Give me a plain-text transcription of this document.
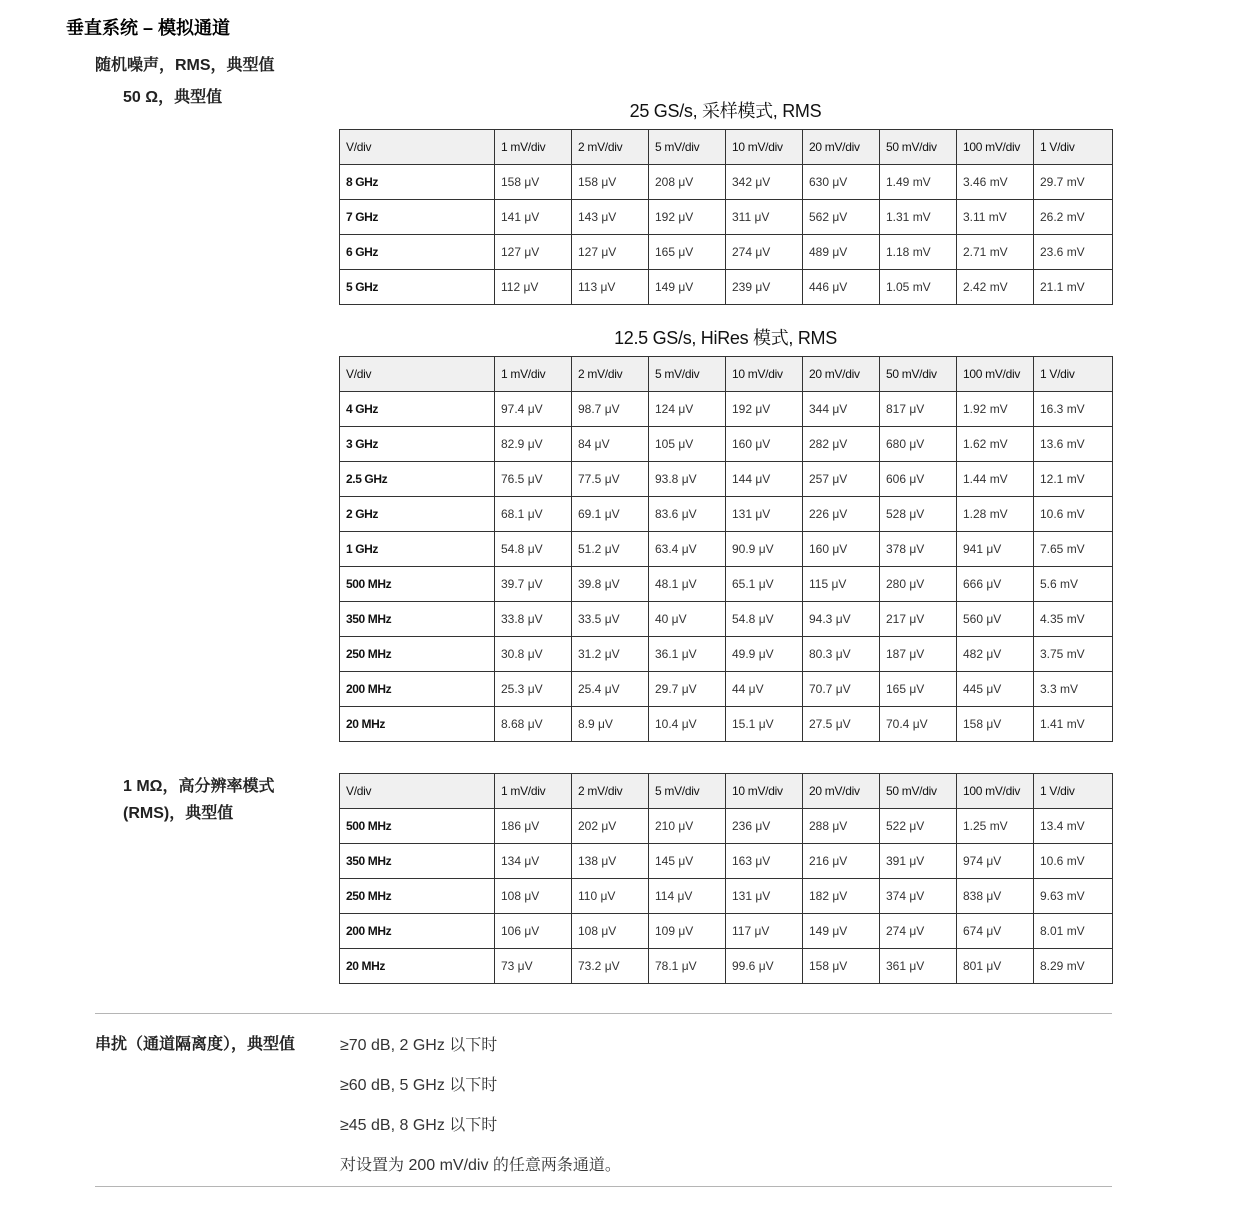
垂直系统 – 模拟通道
随机噪声，RMS，典型值
50 Ω，典型值
25 GS/s, 采样模式, RMS
V/div	1 mV/div	2 mV/div	5 mV/div	10 mV/div	20 mV/div	50 mV/div	100 mV/div	1 V/div
8 GHz	158 μV	158 μV	208 μV	342 μV	630 μV	1.49 mV	3.46 mV	29.7 mV
7 GHz	141 μV	143 μV	192 μV	311 μV	562 μV	1.31 mV	3.11 mV	26.2 mV
6 GHz	127 μV	127 μV	165 μV	274 μV	489 μV	1.18 mV	2.71 mV	23.6 mV
5 GHz	112 μV	113 μV	149 μV	239 μV	446 μV	1.05 mV	2.42 mV	21.1 mV
12.5 GS/s, HiRes 模式, RMS
V/div	1 mV/div	2 mV/div	5 mV/div	10 mV/div	20 mV/div	50 mV/div	100 mV/div	1 V/div
4 GHz	97.4 μV	98.7 μV	124 μV	192 μV	344 μV	817 μV	1.92 mV	16.3 mV
3 GHz	82.9 μV	84 μV	105 μV	160 μV	282 μV	680 μV	1.62 mV	13.6 mV
2.5 GHz	76.5 μV	77.5 μV	93.8 μV	144 μV	257 μV	606 μV	1.44 mV	12.1 mV
2 GHz	68.1 μV	69.1 μV	83.6 μV	131 μV	226 μV	528 μV	1.28 mV	10.6 mV
1 GHz	54.8 μV	51.2 μV	63.4 μV	90.9 μV	160 μV	378 μV	941 μV	7.65 mV
500 MHz	39.7 μV	39.8 μV	48.1 μV	65.1 μV	115 μV	280 μV	666 μV	5.6 mV
350 MHz	33.8 μV	33.5 μV	40 μV	54.8 μV	94.3 μV	217 μV	560 μV	4.35 mV
250 MHz	30.8 μV	31.2 μV	36.1 μV	49.9 μV	80.3 μV	187 μV	482 μV	3.75 mV
200 MHz	25.3 μV	25.4 μV	29.7 μV	44 μV	70.7 μV	165 μV	445 μV	3.3 mV
20 MHz	8.68 μV	8.9 μV	10.4 μV	15.1 μV	27.5 μV	70.4 μV	158 μV	1.41 mV
1 MΩ，高分辨率模式
(RMS)，典型值
V/div	1 mV/div	2 mV/div	5 mV/div	10 mV/div	20 mV/div	50 mV/div	100 mV/div	1 V/div
500 MHz	186 μV	202 μV	210 μV	236 μV	288 μV	522 μV	1.25 mV	13.4 mV
350 MHz	134 μV	138 μV	145 μV	163 μV	216 μV	391 μV	974 μV	10.6 mV
250 MHz	108 μV	110 μV	114 μV	131 μV	182 μV	374 μV	838 μV	9.63 mV
200 MHz	106 μV	108 μV	109 μV	117 μV	149 μV	274 μV	674 μV	8.01 mV
20 MHz	73 μV	73.2 μV	78.1 μV	99.6 μV	158 μV	361 μV	801 μV	8.29 mV
串扰（通道隔离度），典型值	≥70 dB, 2 GHz 以下时
≥60 dB, 5 GHz 以下时
≥45 dB, 8 GHz 以下时
对设置为 200 mV/div 的任意两条通道。
